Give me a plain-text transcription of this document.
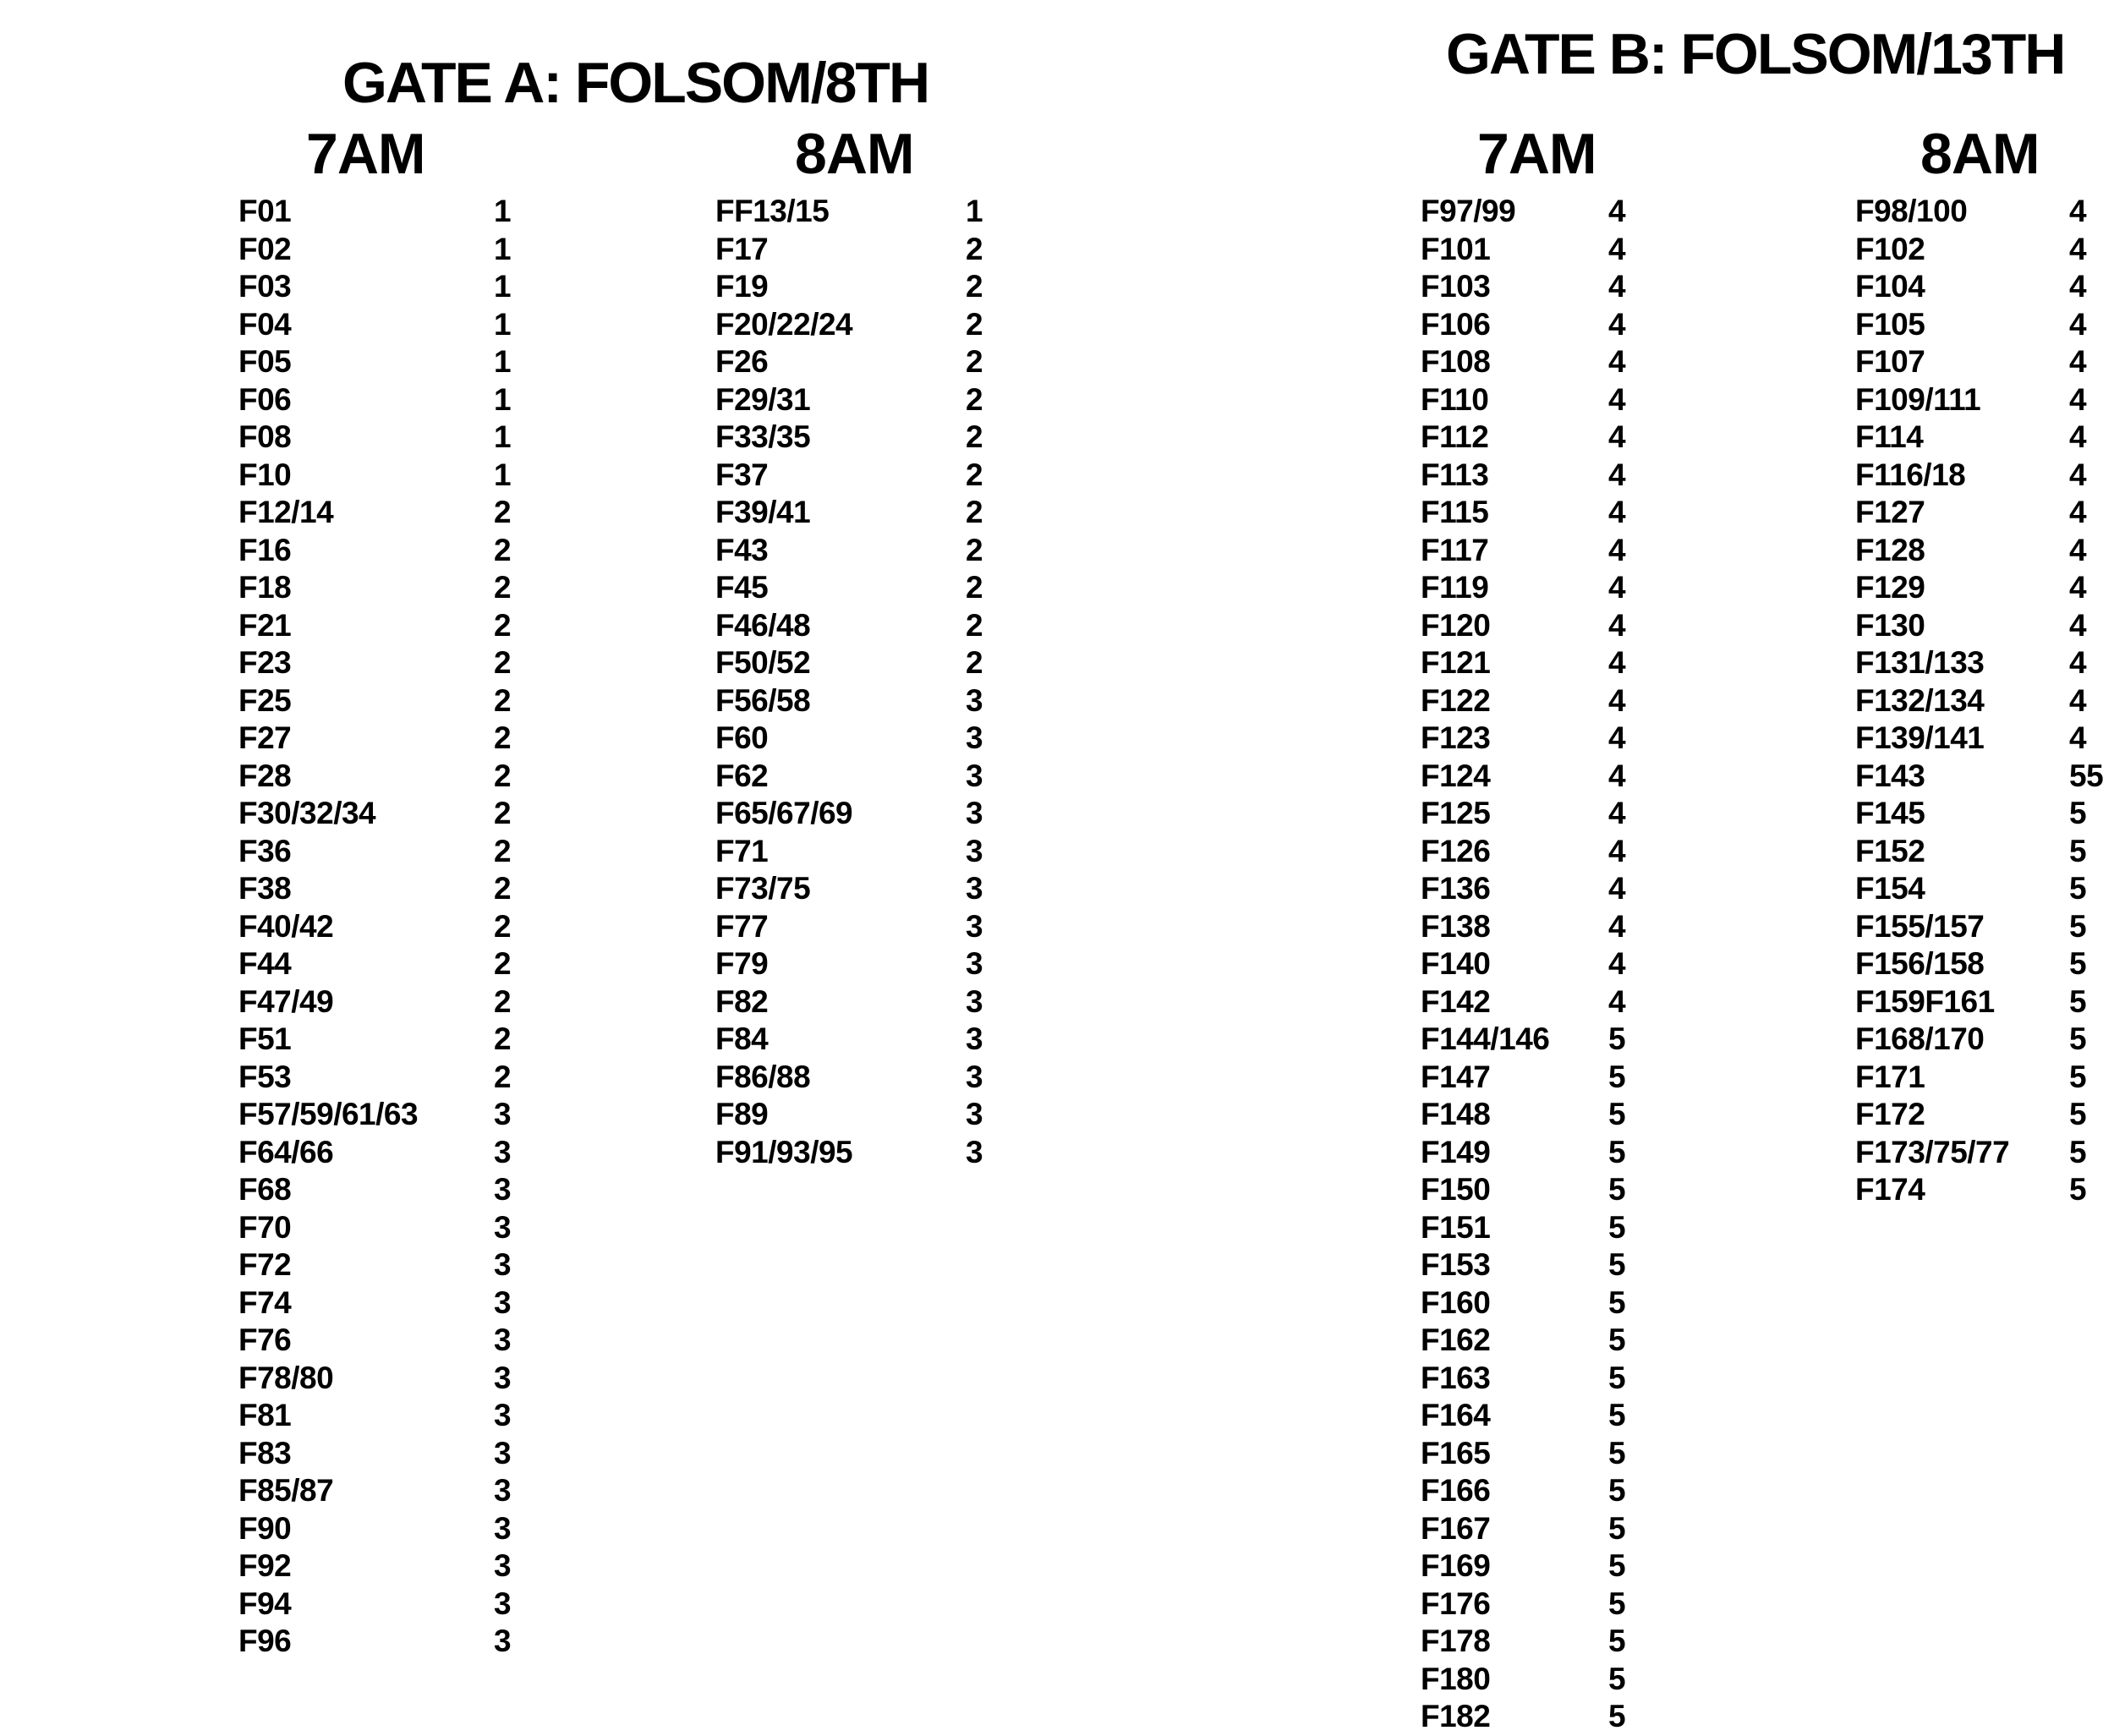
GATE A: FOLSOM/8TH	GATE B: FOLSOM/13TH
7AM	8AM	7AM	8AM
F01	1
F02	1
F03	1
F04	1
F05	1
F06	1
F08	1
F10	1
F12/14	2
F16	2
F18	2
F21	2
F23	2
F25	2
F27	2
F28	2
F30/32/34	2
F36	2
F38	2
F40/42	2
F44	2
F47/49	2
F51	2
F53	2
F57/59/61/63 3
F64/66	3
F68	3
F70	3
F72	3
F74	3
F76	3
F78/80	3
F81	3
F83	3
F85/87	3
F90	3
F92	3
F94	3
F96	3
FF13/15	1
F17	2
F19	2
F20/22/24	2
F26	2
F29/31	2
F33/35	2
F37	2
F39/41	2
F43	2
F45	2
F46/48	2
F50/52	2
F56/58	3
F60	3
F62	3
F65/67/69	3
F71	3
F73/75	3
F77	3
F79	3
F82	3
F84	3
F86/88	3
F89	3
F91/93/95	3
F97/99	4
F101	4
F103	4
F106	4
F108	4
F110	4
F112	4
F113	4
F115	4
F117	4
F119	4
F120	4
F121	4
F122	4
F123	4
F124	4
F125	4
F126	4
F136	4
F138	4
F140	4
F142	4
F144/146 5
F147	5
F148	5
F149	5
F150	5
F151	5
F153	5
F160	5
F162	5
F163	5
F164	5
F165	5
F166	5
F167	5
F169	5
F176	5
F178	5
F180	5
F182	5
F98/100	4
F102	4
F104	4
F105	4
F107	4
F109/111	4
F114	4
F116/18	4
F127	4
F128	4
F129	4
F130	4
F131/133	4
F132/134	4
F139/141	4
F143	55
F145	5
F152	5
F154	5
F155/157	5
F156/158	5
F159F161 5
F168/170	5
F171	5
F172	5
F173/75/77 5
F174	5
